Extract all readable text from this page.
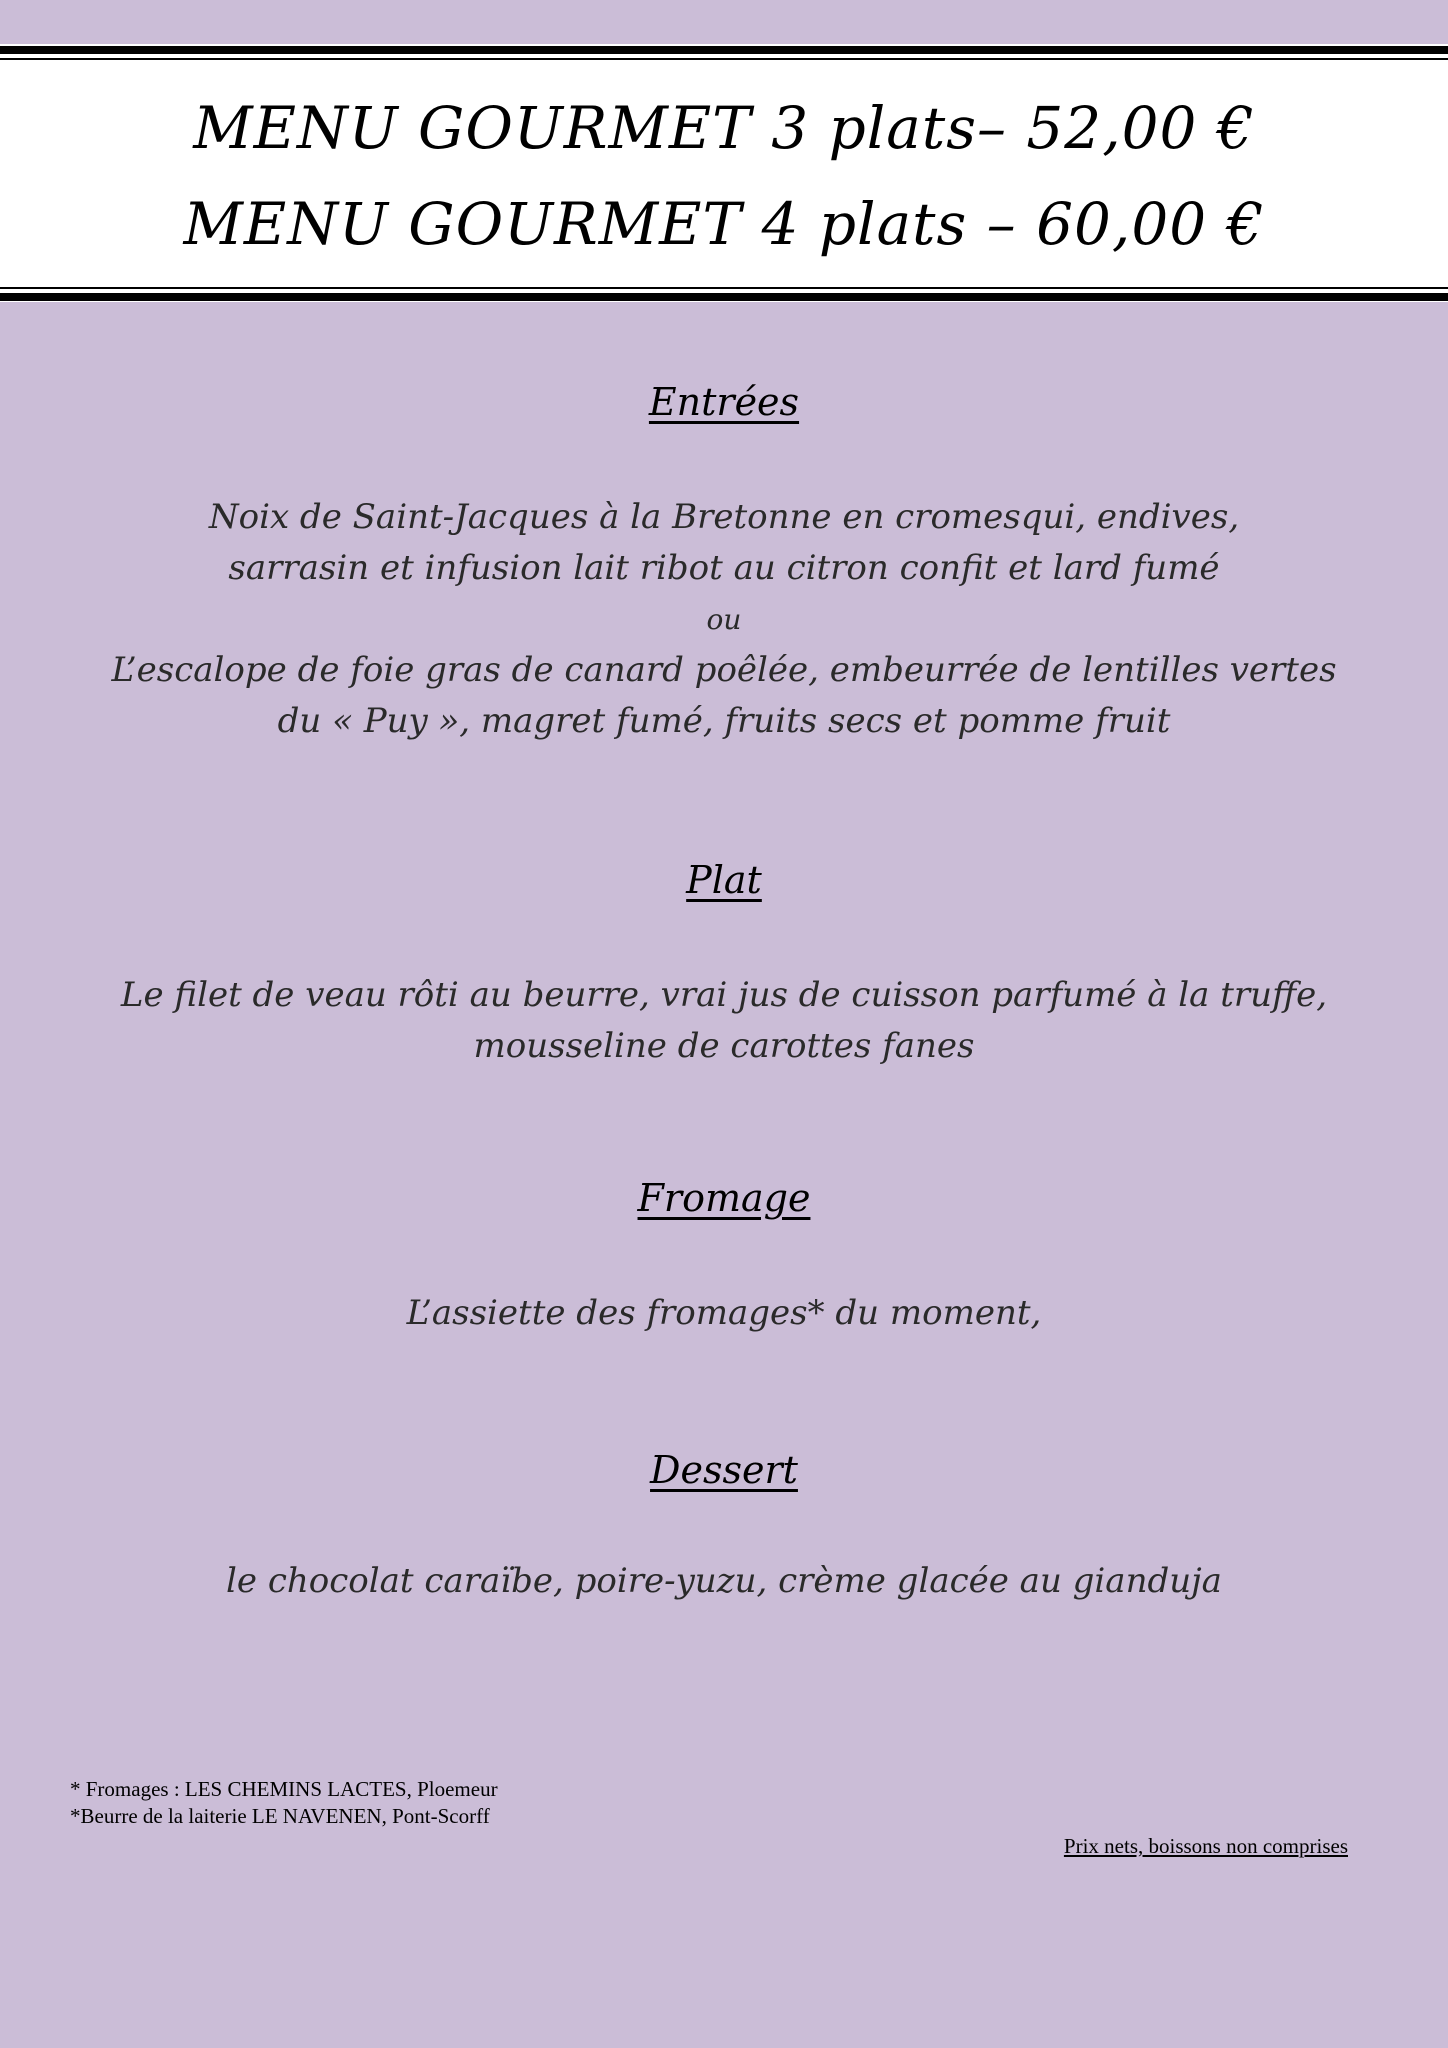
MENU GOURMET 3 plats– 52,00 €
MENU GOURMET 4 plats – 60,00 €
Entrées
Noix de Saint-Jacques à la Bretonne en cromesqui, endives,
sarrasin et infusion lait ribot au citron confit et lard fumé
ou
L’escalope de foie gras de canard poêlée, embeurrée de lentilles vertes
du « Puy », magret fumé, fruits secs et pomme fruit
Plat
Le filet de veau rôti au beurre, vrai jus de cuisson parfumé à la truffe,
mousseline de carottes fanes
Fromage
L’assiette des fromages* du moment,
Dessert
le chocolat caraïbe, poire-yuzu, crème glacée au gianduja
* Fromages : LES CHEMINS LACTES, Ploemeur
*Beurre de la laiterie LE NAVENEN, Pont-Scorff
Prix nets, boissons non comprises
